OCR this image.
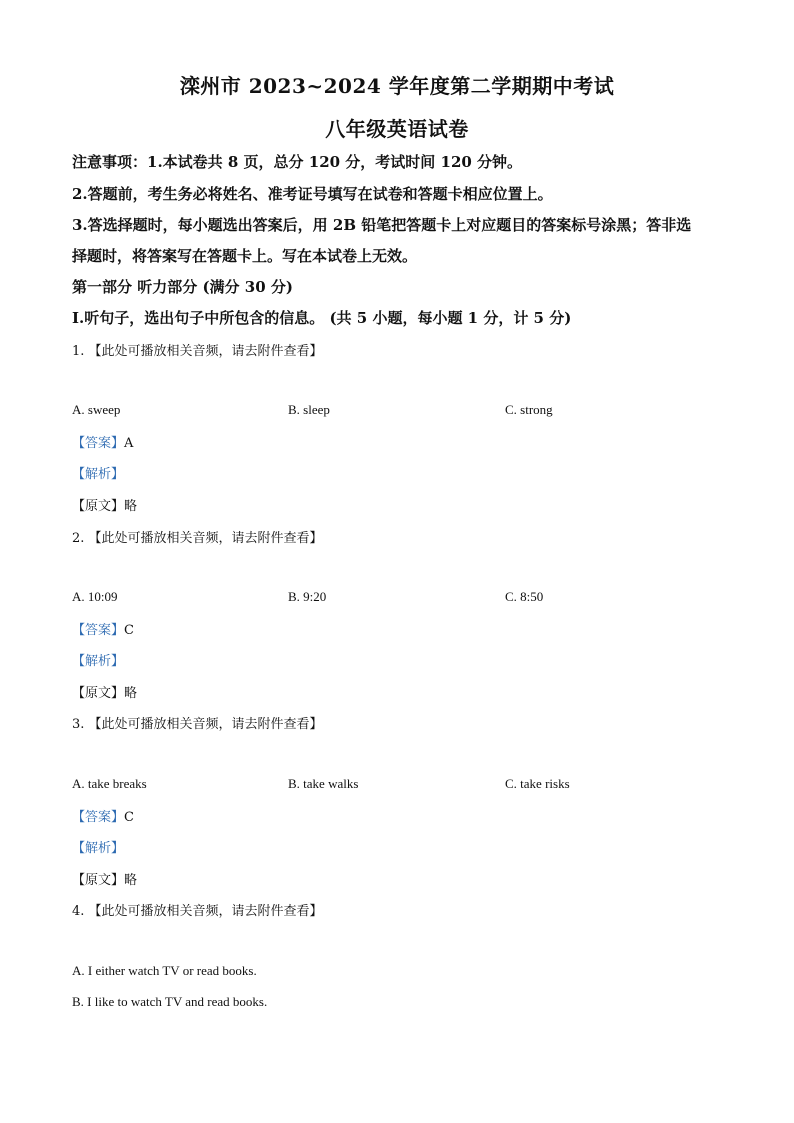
滦州市 2023~2024 学年度第二学期期中考试
八年级英语试卷
注意事项：1.本试卷共 8 页，总分 120 分，考试时间 120 分钟。
2.答题前，考生务必将姓名、准考证号填写在试卷和答题卡相应位置上。
3.答选择题时，每小题选出答案后，用 2B 铅笔把答题卡上对应题目的答案标号涂黑；答非选
择题时，将答案写在答题卡上。写在本试卷上无效。
第一部分 听力部分 (满分 30 分)
Ⅰ.听句子，选出句子中所包含的信息。 (共 5 小题，每小题 1 分，计 5 分)
1. 【此处可播放相关音频，请去附件查看】
A. sweep	B. sleep	C. strong
【答案】A
【解析】
【原文】略
2. 【此处可播放相关音频，请去附件查看】
A. 10:09	B. 9:20	C. 8:50
【答案】C
【解析】
【原文】略
3. 【此处可播放相关音频，请去附件查看】
A. take breaks	B. take walks	C. take risks
【答案】C
【解析】
【原文】略
4. 【此处可播放相关音频，请去附件查看】
A. I either watch TV or read books.
B. I like to watch TV and read books.
